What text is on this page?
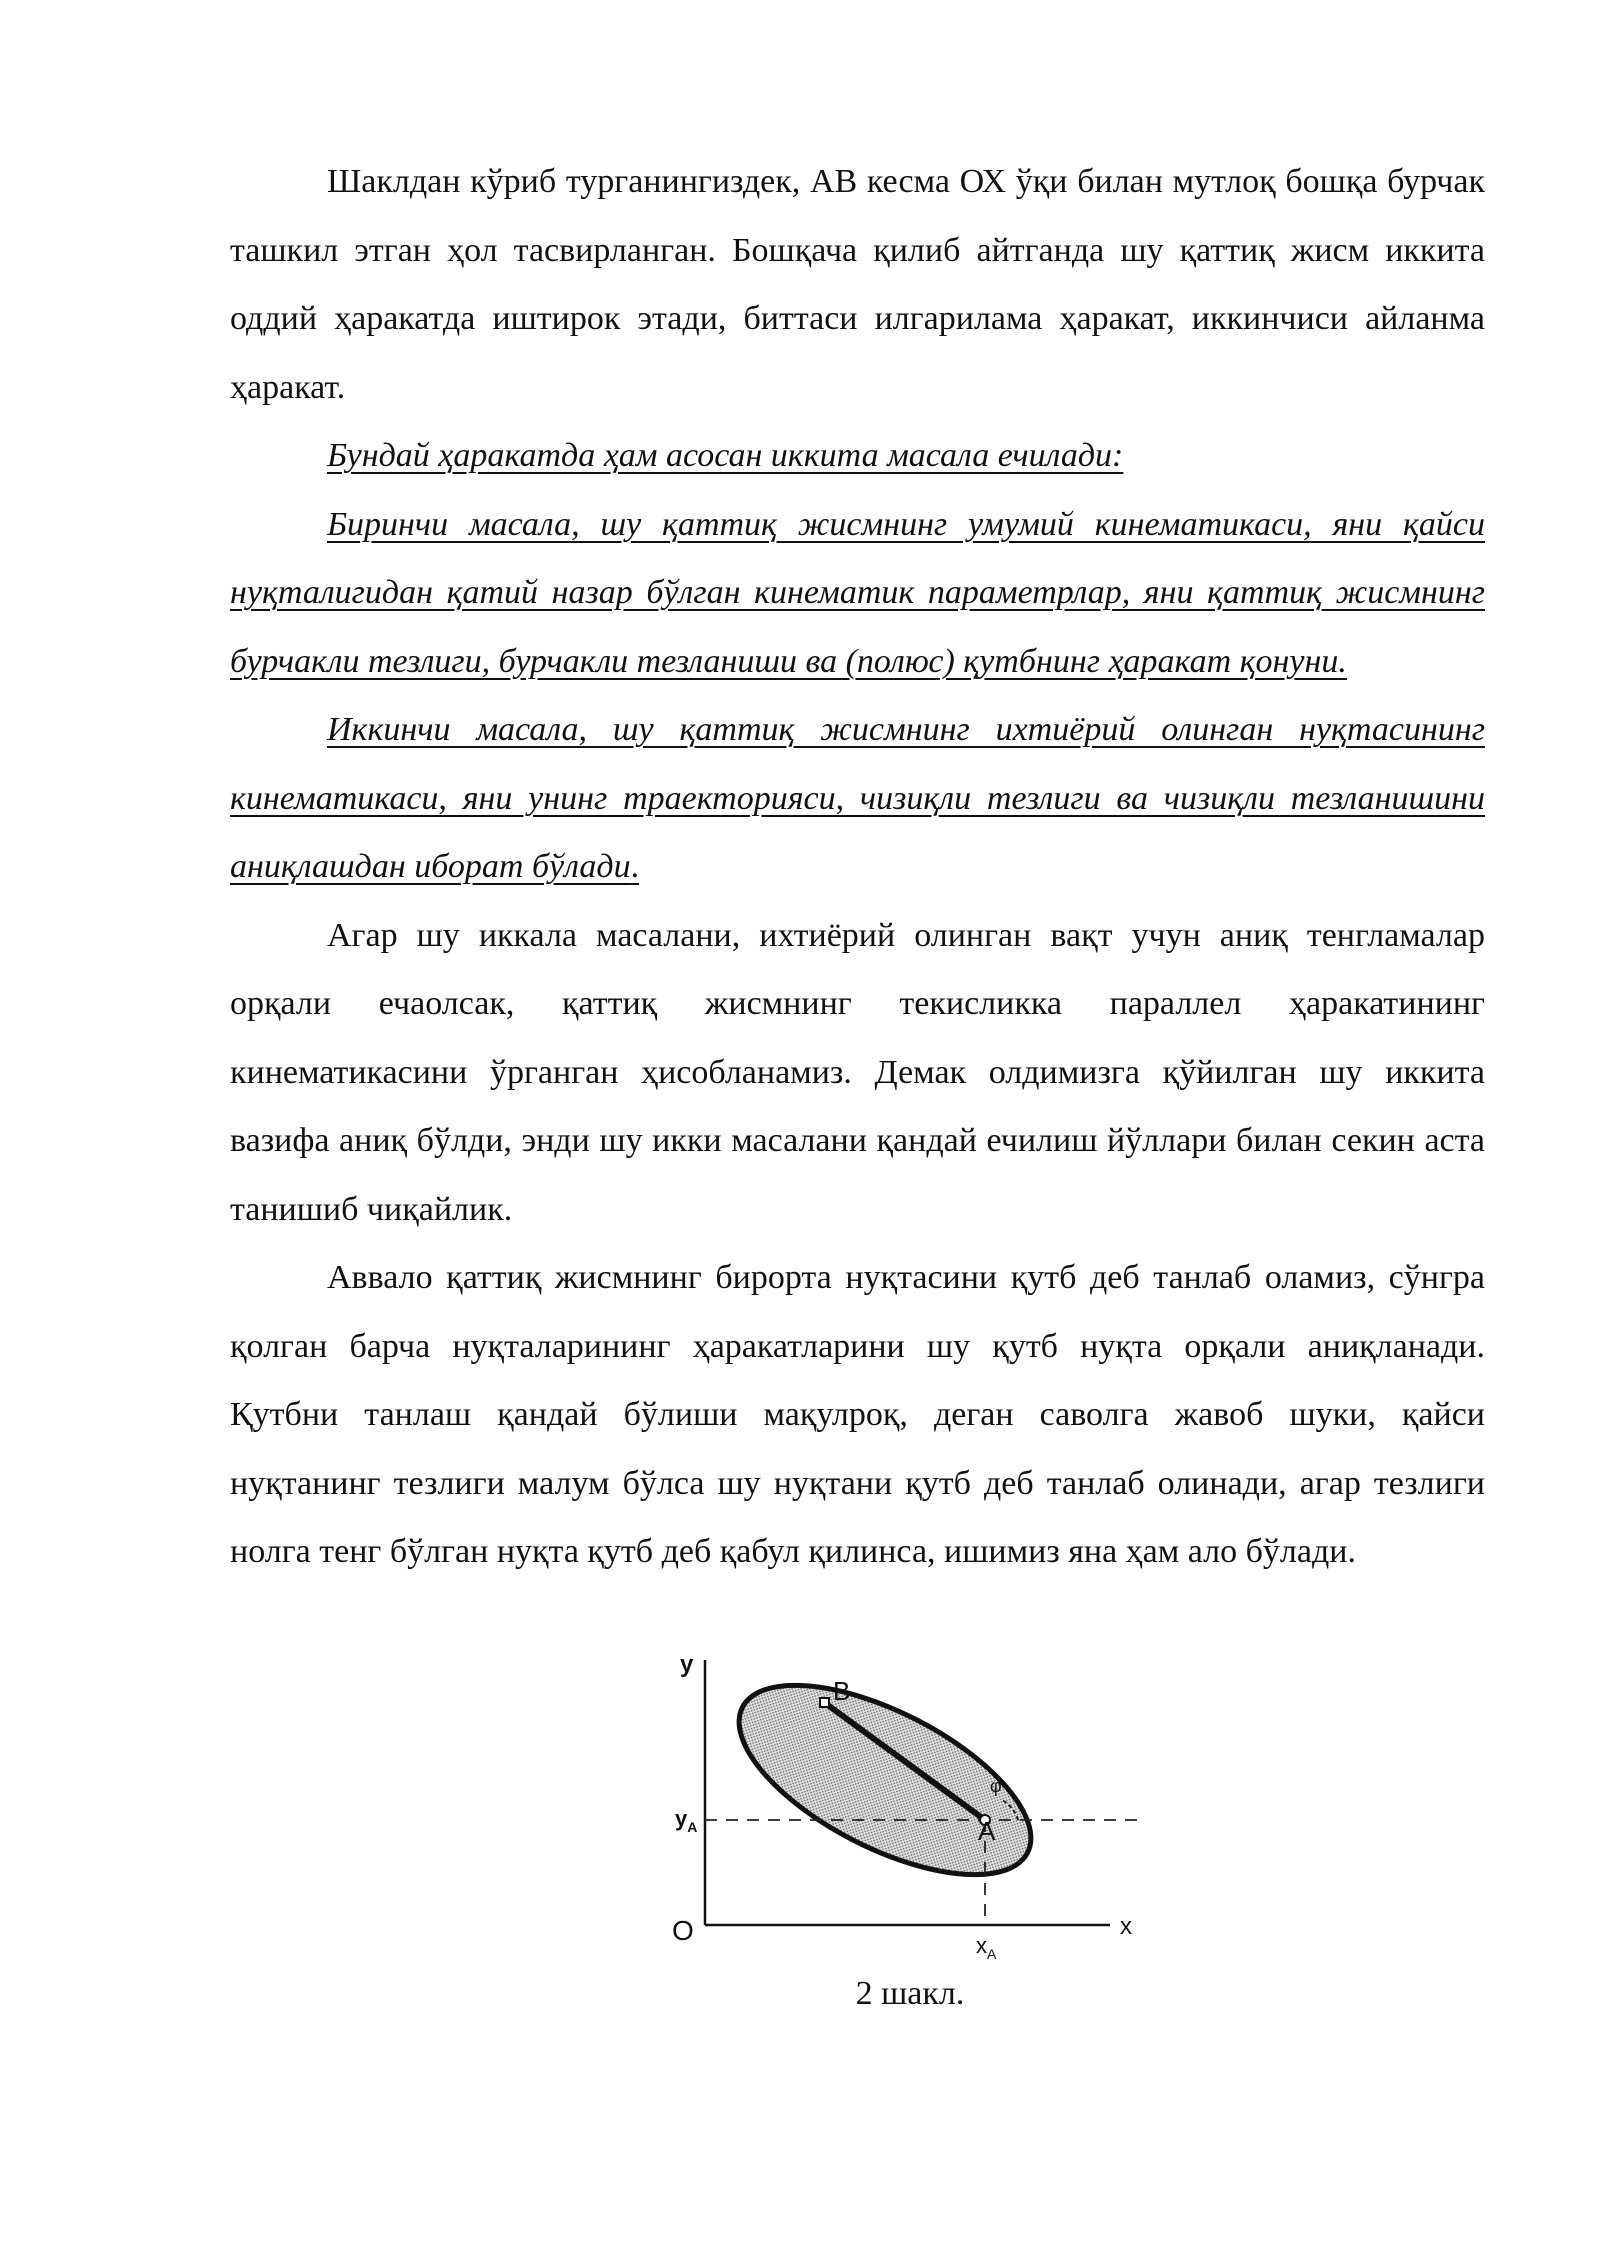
Шаклдан кўриб турганингиздек, АВ кесма ОХ ўқи билан мутлоқ бошқа бурчак ташкил этган ҳол тасвирланган. Бошқача қилиб айтганда шу қаттиқ жисм иккита оддий ҳаракатда иштирок этади, биттаси илгарилама ҳаракат, иккинчиси айланма ҳаракат.

Бундай ҳаракатда ҳам асосан иккита масала ечилади:

Биринчи масала, шу қаттиқ жисмнинг умумий кинематикаси, яни қайси нуқталигидан қатий назар бўлган кинематик параметрлар, яни қаттиқ жисмнинг бурчакли тезлиги, бурчакли тезланиши ва (полюс) қутбнинг ҳаракат қонуни.

Иккинчи масала, шу қаттиқ жисмнинг ихтиёрий олинган нуқтасининг кинематикаси, яни унинг траекторияси, чизиқли тезлиги ва чизиқли тезланишини аниқлашдан иборат бўлади.

Агар шу иккала масалани, ихтиёрий олинган вақт учун аниқ тенгламалар орқали ечаолсак, қаттиқ жисмнинг текисликка параллел ҳаракатининг кинематикасини ўрганган ҳисобланамиз. Демак олдимизга қўйилган шу иккита вазифа аниқ бўлди, энди шу икки масалани қандай ечилиш йўллари билан секин аста танишиб чиқайлик.

Аввало қаттиқ жисмнинг бирорта нуқтасини қутб деб танлаб оламиз, сўнгра қолган барча нуқталарининг ҳаракатларини шу қутб нуқта орқали аниқланади. Қутбни танлаш қандай бўлиши мақулроқ, деган саволга жавоб шуки, қайси нуқтанинг тезлиги малум бўлса шу нуқтани қутб деб танлаб олинади, агар тезлиги нолга тенг бўлган нуқта қутб деб қабул қилинса, ишимиз яна ҳам ало бўлади.

y
x
O
B
A
φ
$y_A$
$x_A$
2 шакл.
